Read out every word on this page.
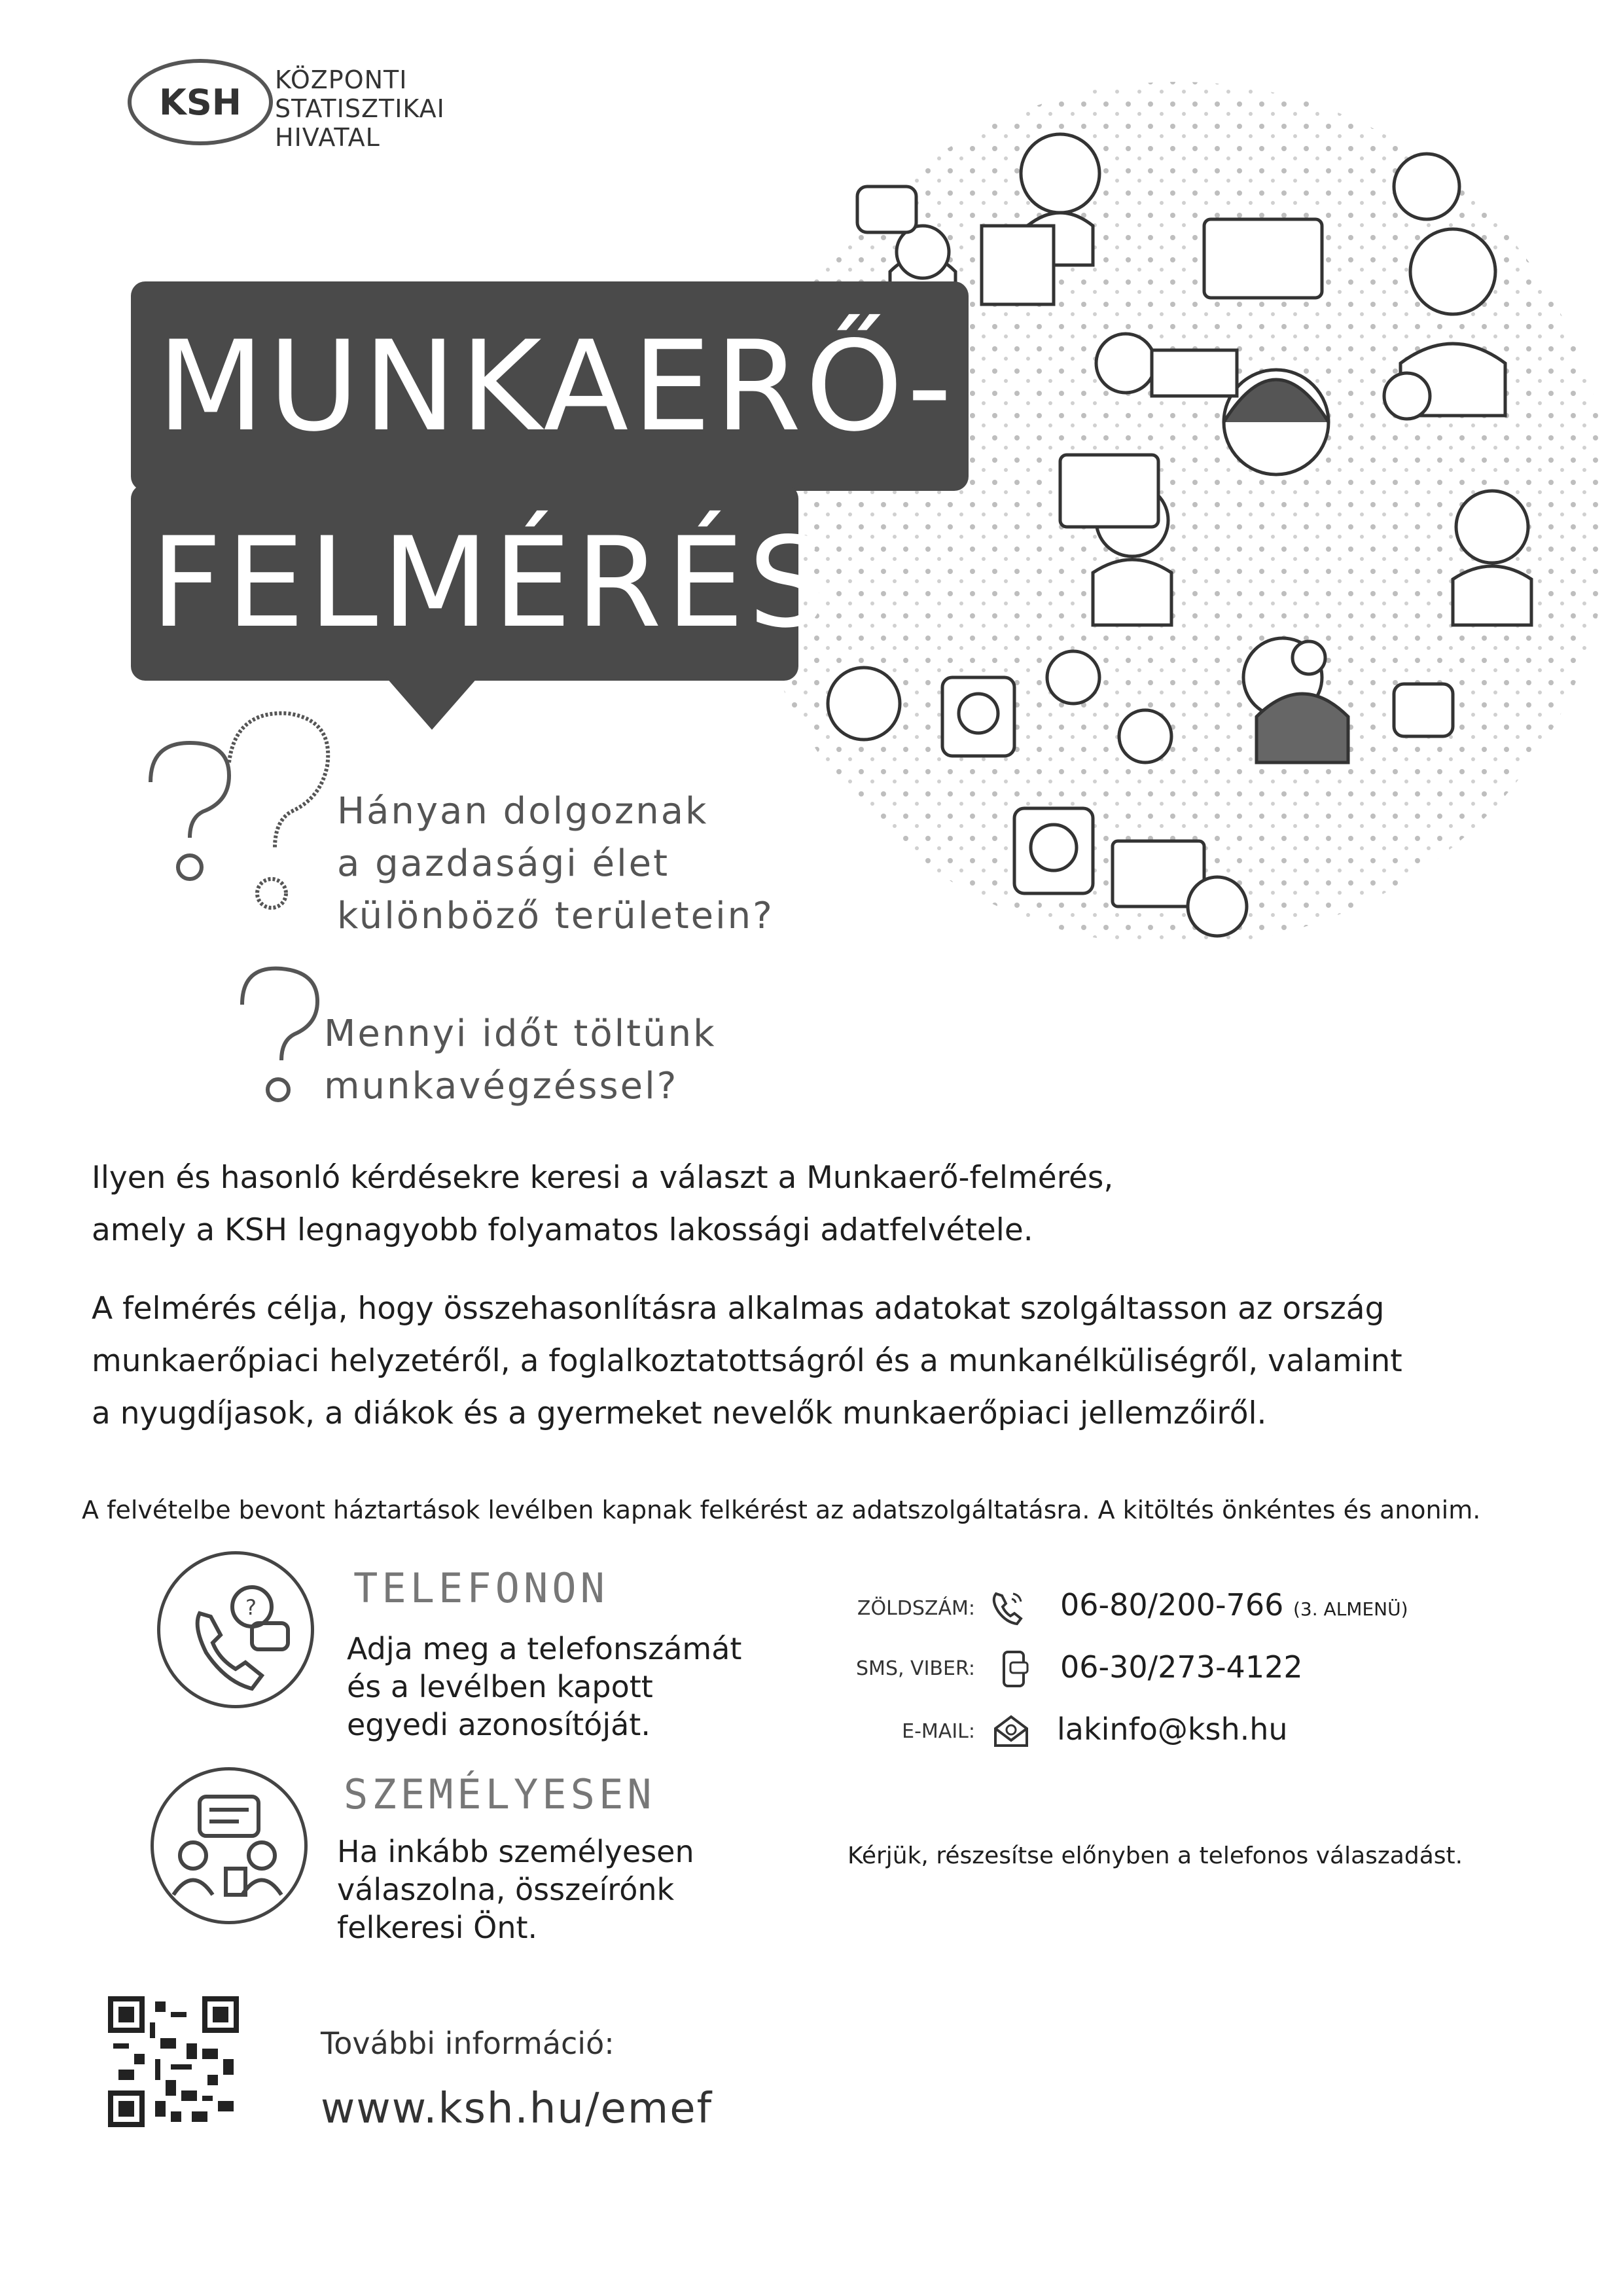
KSH
KÖZPONTI
STATISZTIKAI
HIVATAL
MUNKAERŐ-
FELMÉRÉS
Hányan dolgoznak
a gazdasági élet
különböző területein?
Mennyi időt töltünk
munkavégzéssel?
Ilyen és hasonló kérdésekre keresi a választ a Munkaerő-felmérés,
amely a KSH legnagyobb folyamatos lakossági adatfelvétele.
A felmérés célja, hogy összehasonlításra alkalmas adatokat szolgáltasson az ország
munkaerőpiaci helyzetéről, a foglalkoztatottságról és a munkanélküliségről, valamint
a nyugdíjasok, a diákok és a gyermeket nevelők munkaerőpiaci jellemzőiről.
A felvételbe bevont háztartások levélben kapnak felkérést az adatszolgáltatásra. A kitöltés önkéntes és anonim.
? TELEFONON
Adja meg a telefonszámát
és a levélben kapott
egyedi azonosítóját.
SZEMÉLYESEN
Ha inkább személyesen
válaszolna, összeírónk
felkeresi Önt.
ZÖLDSZÁM:	06-80/200-766 (3. ALMENÜ)
SMS, VIBER:	06-30/273-4122
E-MAIL:	lakinfo@ksh.hu
Kérjük, részesítse előnyben a telefonos válaszadást.
További információ:
www.ksh.hu/emef
